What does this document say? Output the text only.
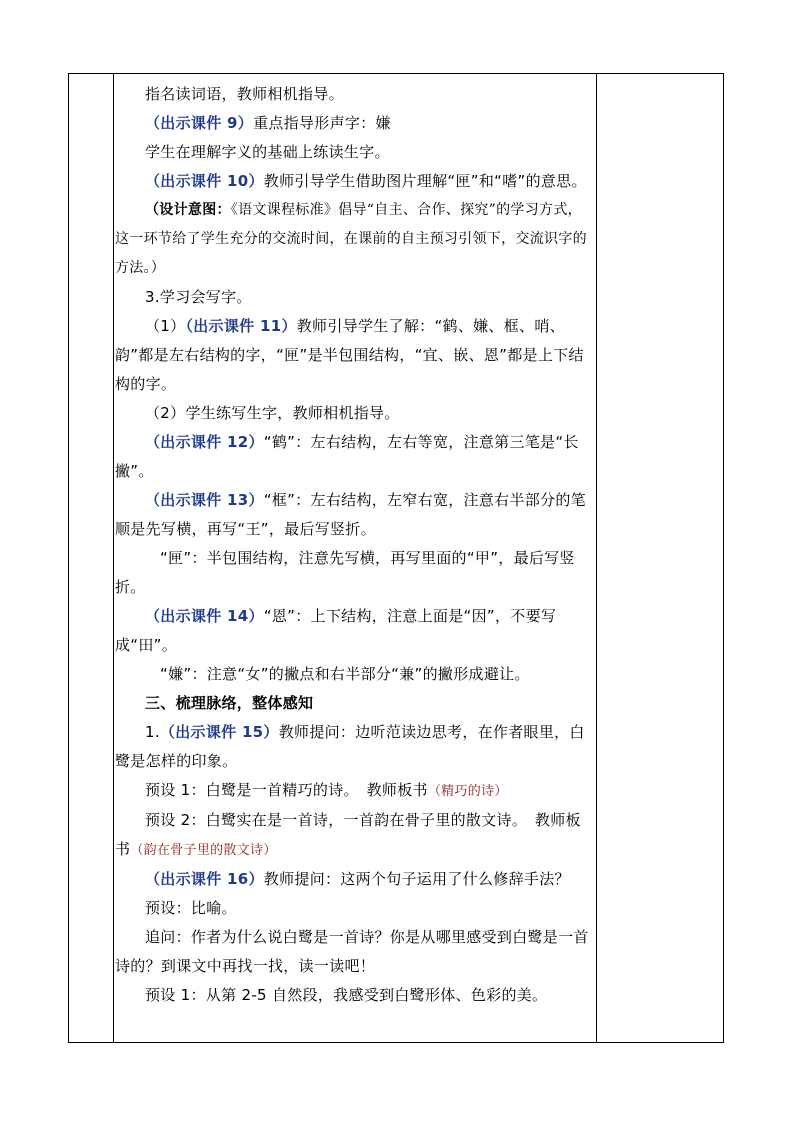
指名读词语，教师相机指导。

（出示课件 9）重点指导形声字：嫌

学生在理解字义的基础上练读生字。

（出示课件 10）教师引导学生借助图片理解“匣”和“嗜”的意思。

（设计意图：《语文课程标准》倡导“自主、合作、探究”的学习方式，这一环节给了学生充分的交流时间，在课前的自主预习引领下，交流识字的方法。）

3.学习会写字。

（1）（出示课件 11）教师引导学生了解：“鹤、嫌、框、哨、韵”都是左右结构的字，“匣”是半包围结构，“宜、嵌、恩”都是上下结构的字。

（2）学生练写生字，教师相机指导。

（出示课件 12）“鹤”：左右结构，左右等宽，注意第三笔是“长撇”。

（出示课件 13）“框”：左右结构，左窄右宽，注意右半部分的笔顺是先写横，再写“王”，最后写竖折。

“匣”：半包围结构，注意先写横，再写里面的“甲”，最后写竖折。

（出示课件 14）“恩”：上下结构，注意上面是“因”，不要写成“田”。

“嫌”：注意“女”的撇点和右半部分“兼”的撇形成避让。

三、梳理脉络，整体感知

1.（出示课件 15）教师提问：边听范读边思考，在作者眼里，白鹭是怎样的印象。

预设 1：白鹭是一首精巧的诗。　教师板书（精巧的诗）

预设 2：白鹭实在是一首诗，一首韵在骨子里的散文诗。　教师板书（韵在骨子里的散文诗）

（出示课件 16）教师提问：这两个句子运用了什么修辞手法？

预设：比喻。

追问：作者为什么说白鹭是一首诗？你是从哪里感受到白鹭是一首诗的？到课文中再找一找，读一读吧！

预设 1：从第 2-5 自然段，我感受到白鹭形体、色彩的美。
